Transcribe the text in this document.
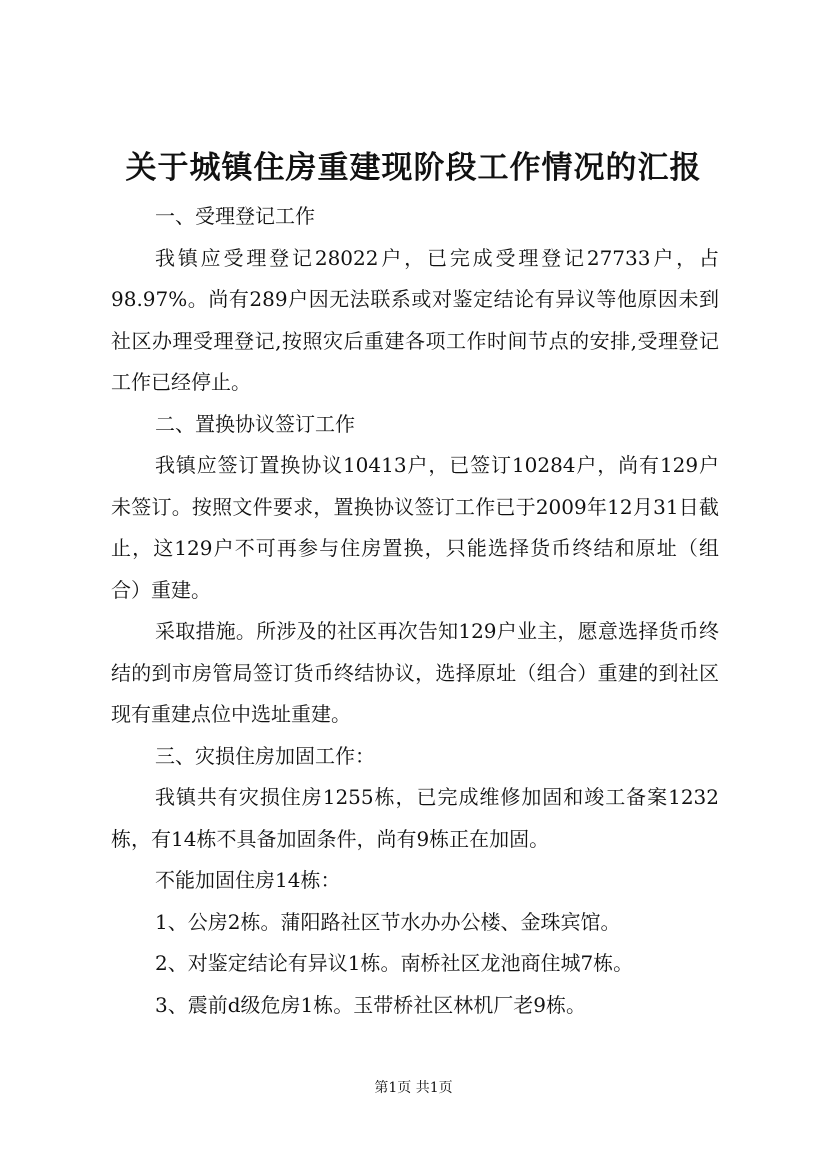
关于城镇住房重建现阶段工作情况的汇报

一、受理登记工作

我镇应受理登记28022户，已完成受理登记27733户，占98.97%。尚有289户因无法联系或对鉴定结论有异议等他原因未到社区办理受理登记,按照灾后重建各项工作时间节点的安排,受理登记工作已经停止。

二、置换协议签订工作

我镇应签订置换协议10413户，已签订10284户，尚有129户未签订。按照文件要求，置换协议签订工作已于2009年12月31日截止，这129户不可再参与住房置换，只能选择货币终结和原址（组合）重建。

采取措施。所涉及的社区再次告知129户业主，愿意选择货币终结的到市房管局签订货币终结协议，选择原址（组合）重建的到社区现有重建点位中选址重建。

三、灾损住房加固工作：

我镇共有灾损住房1255栋，已完成维修加固和竣工备案1232栋，有14栋不具备加固条件，尚有9栋正在加固。

不能加固住房14栋：

1、公房2栋。蒲阳路社区节水办办公楼、金珠宾馆。

2、对鉴定结论有异议1栋。南桥社区龙池商住城7栋。

3、震前d级危房1栋。玉带桥社区林机厂老9栋。

第1页 共1页
